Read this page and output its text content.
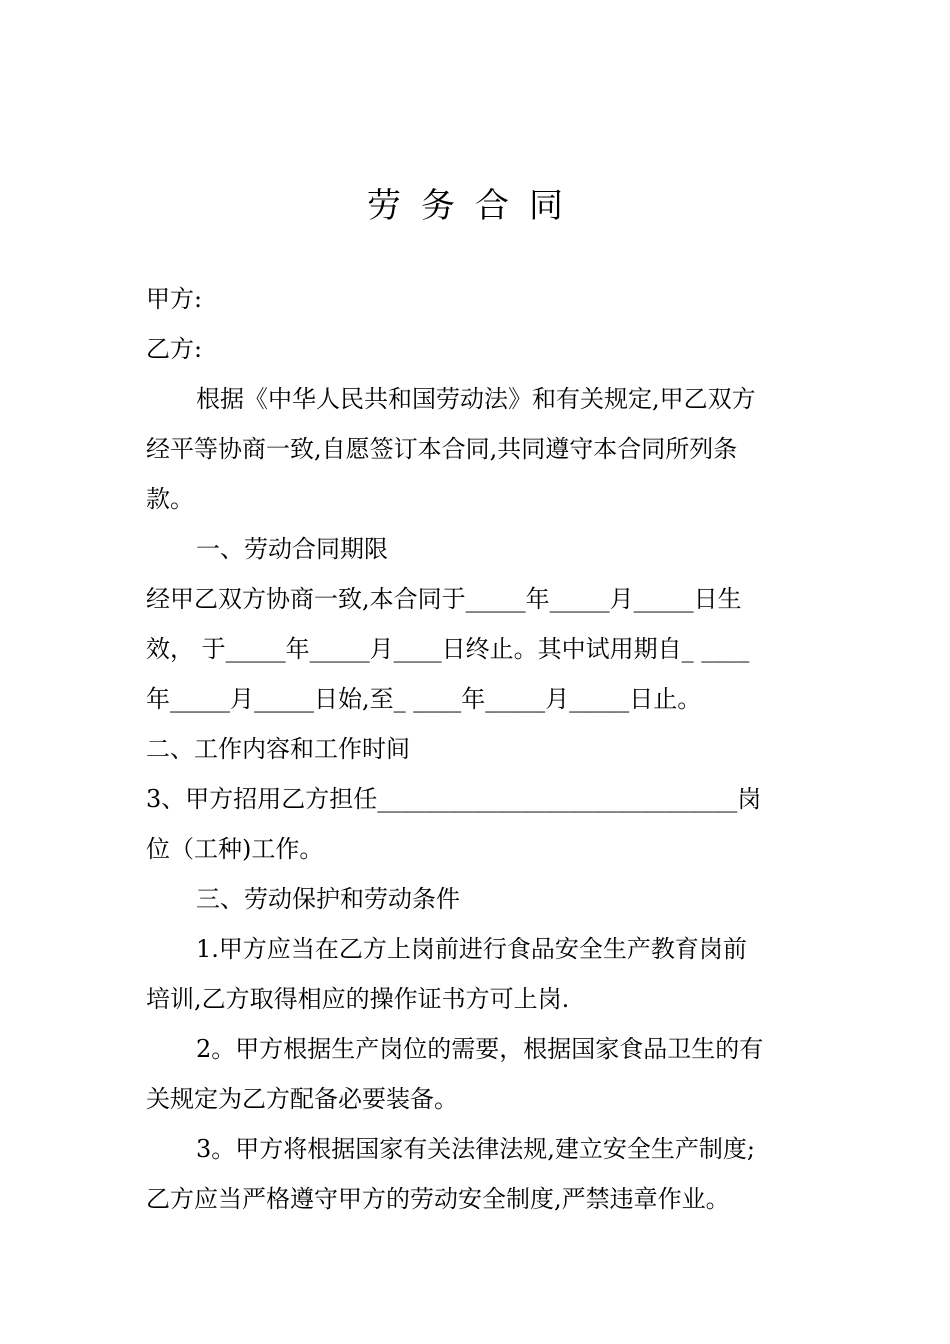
劳务合同
甲方:
乙方:
根据《中华人民共和国劳动法》和有关规定,甲乙双方
经平等协商一致,自愿签订本合同,共同遵守本合同所列条
款。
一、劳动合同期限
经甲乙双方协商一致,本合同于_____年_____月_____日生
效， 于_____年_____月____日终止。其中试用期自_ ____
年_____月_____日始,至_ ____年_____月_____日止。
二、工作内容和工作时间
3、甲方招用乙方担任______________________________岗
位（工种)工作。
三、劳动保护和劳动条件
1.甲方应当在乙方上岗前进行食品安全生产教育岗前
培训,乙方取得相应的操作证书方可上岗.
2。甲方根据生产岗位的需要，根据国家食品卫生的有
关规定为乙方配备必要装备。
3。甲方将根据国家有关法律法规,建立安全生产制度;
乙方应当严格遵守甲方的劳动安全制度,严禁违章作业。
